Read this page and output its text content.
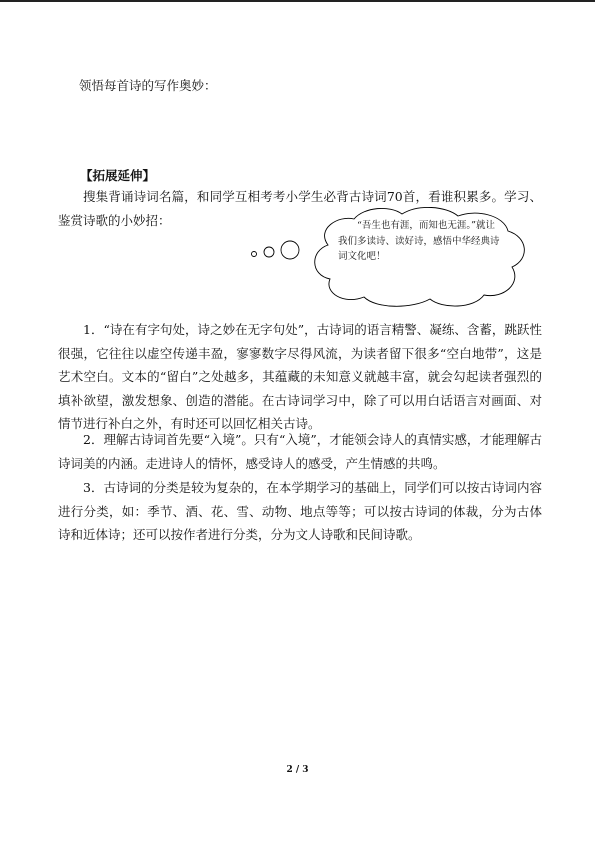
领悟每首诗的写作奥妙：

【拓展延伸】

搜集背诵诗词名篇，和同学互相考考小学生必背古诗词70首，看谁积累多。学习、鉴赏诗歌的小妙招：	“吾生也有涯，而知也无涯。”就让我们多读诗、读好诗，感悟中华经典诗词文化吧！

1．“诗在有字句处，诗之妙在无字句处”，古诗词的语言精警、凝练、含蓄，跳跃性很强，它往往以虚空传递丰盈，寥寥数字尽得风流，为读者留下很多“空白地带”，这是艺术空白。文本的“留白”之处越多，其蕴藏的未知意义就越丰富，就会勾起读者强烈的填补欲望，激发想象、创造的潜能。在古诗词学习中，除了可以用白话语言对画面、对情节进行补白之外，有时还可以回忆相关古诗。

2．理解古诗词首先要“入境”。只有“入境”，才能领会诗人的真情实感，才能理解古诗词美的内涵。走进诗人的情怀，感受诗人的感受，产生情感的共鸣。

3．古诗词的分类是较为复杂的，在本学期学习的基础上，同学们可以按古诗词内容进行分类，如：季节、酒、花、雪、动物、地点等等；可以按古诗词的体裁，分为古体诗和近体诗；还可以按作者进行分类，分为文人诗歌和民间诗歌。

2 / 3
